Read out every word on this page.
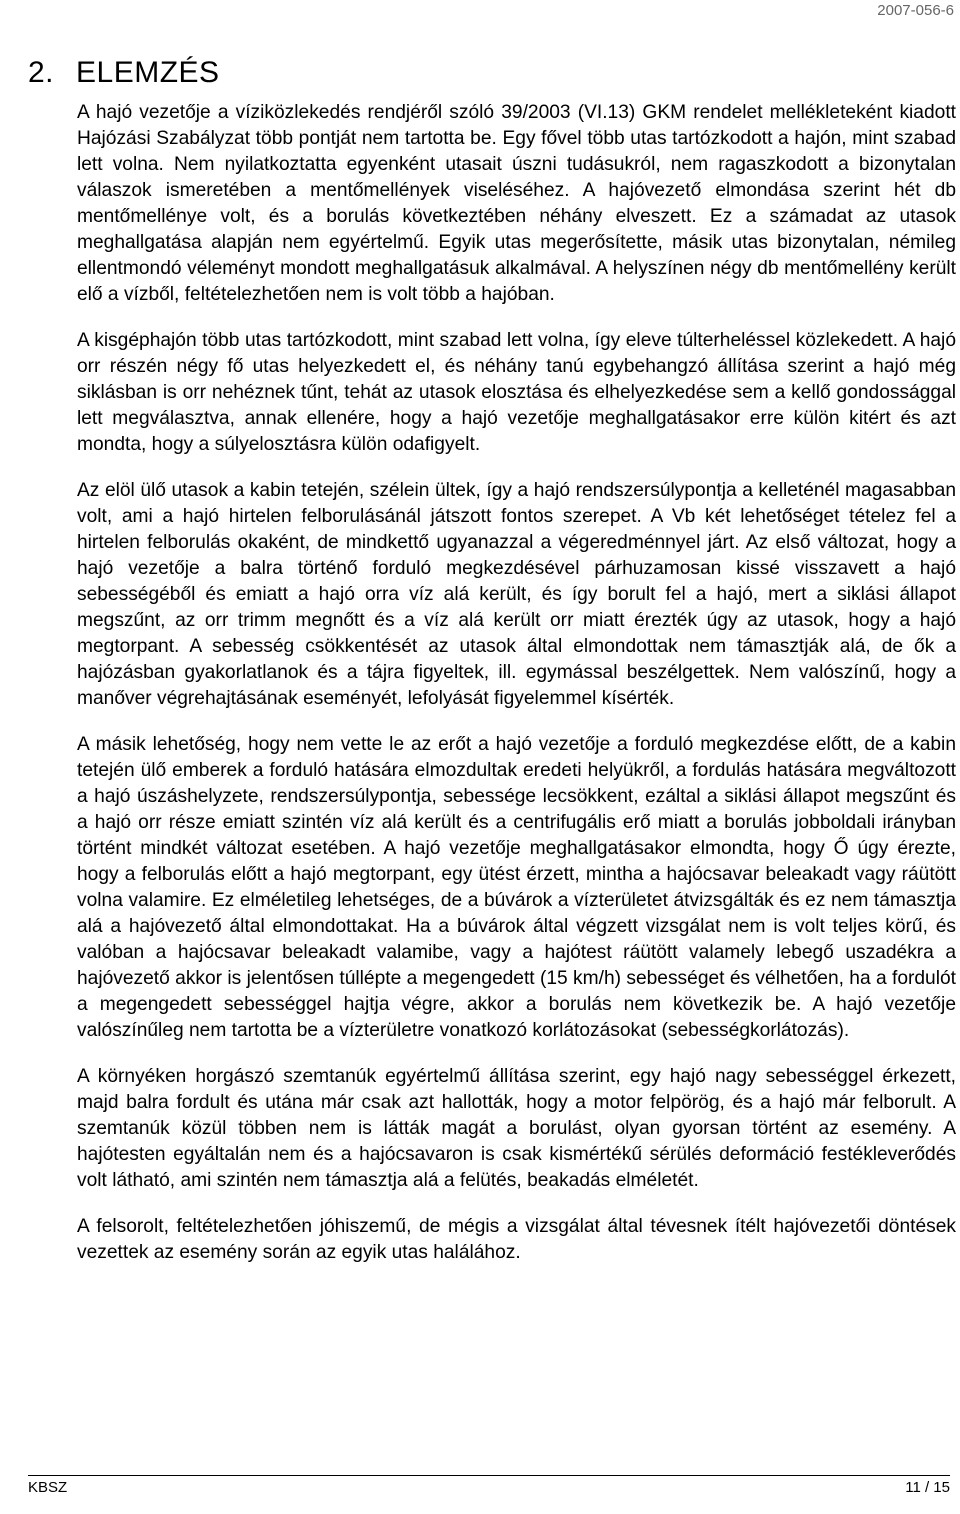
2007-056-6
2. ELEMZÉS

A hajó vezetője a víziközlekedés rendjéről szóló 39/2003 (VI.13) GKM rendelet mellékleteként kiadott Hajózási Szabályzat több pontját nem tartotta be. Egy fővel több utas tartózkodott a hajón, mint szabad lett volna. Nem nyilatkoztatta egyenként utasait úszni tudásukról, nem ragaszkodott a bizonytalan válaszok ismeretében a mentőmellények viseléséhez. A hajóvezető elmondása szerint hét db mentőmellénye volt, és a borulás következtében néhány elveszett. Ez a számadat az utasok meghallgatása alapján nem egyértelmű. Egyik utas megerősítette, másik utas bizonytalan, némileg ellentmondó véleményt mondott meghallgatásuk alkalmával. A helyszínen négy db mentőmellény került elő a vízből, feltételezhetően nem is volt több a hajóban.

A kisgéphajón több utas tartózkodott, mint szabad lett volna, így eleve túlterheléssel közlekedett. A hajó orr részén négy fő utas helyezkedett el, és néhány tanú egybehangzó állítása szerint a hajó még siklásban is orr nehéznek tűnt, tehát az utasok elosztása és elhelyezkedése sem a kellő gondossággal lett megválasztva, annak ellenére, hogy a hajó vezetője meghallgatásakor erre külön kitért és azt mondta, hogy a súlyelosztásra külön odafigyelt.

Az elöl ülő utasok a kabin tetején, szélein ültek, így a hajó rendszersúlypontja a kelleténél magasabban volt, ami a hajó hirtelen felborulásánál játszott fontos szerepet. A Vb két lehetőséget tételez fel a hirtelen felborulás okaként, de mindkettő ugyanazzal a végeredménnyel járt. Az első változat, hogy a hajó vezetője a balra történő forduló megkezdésével párhuzamosan kissé visszavett a hajó sebességéből és emiatt a hajó orra víz alá került, és így borult fel a hajó, mert a siklási állapot megszűnt, az orr trimm megnőtt és a víz alá került orr miatt érezték úgy az utasok, hogy a hajó megtorpant. A sebesség csökkentését az utasok által elmondottak nem támasztják alá, de ők a hajózásban gyakorlatlanok és a tájra figyeltek, ill. egymással beszélgettek. Nem valószínű, hogy a manőver végrehajtásának eseményét, lefolyását figyelemmel kísérték.

A másik lehetőség, hogy nem vette le az erőt a hajó vezetője a forduló megkezdése előtt, de a kabin tetején ülő emberek a forduló hatására elmozdultak eredeti helyükről, a fordulás hatására megváltozott a hajó úszáshelyzete, rendszersúlypontja, sebessége lecsökkent, ezáltal a siklási állapot megszűnt és a hajó orr része emiatt szintén víz alá került és a centrifugális erő miatt a borulás jobboldali irányban történt mindkét változat esetében. A hajó vezetője meghallgatásakor elmondta, hogy Ő úgy érezte, hogy a felborulás előtt a hajó megtorpant, egy ütést érzett, mintha a hajócsavar beleakadt vagy ráütött volna valamire. Ez elméletileg lehetséges, de a búvárok a vízterületet átvizsgálták és ez nem támasztja alá a hajóvezető által elmondottakat. Ha a búvárok által végzett vizsgálat nem is volt teljes körű, és valóban a hajócsavar beleakadt valamibe, vagy a hajótest ráütött valamely lebegő uszadékra a hajóvezető akkor is jelentősen túllépte a megengedett (15 km/h) sebességet és vélhetően, ha a fordulót a megengedett sebességgel hajtja végre, akkor a borulás nem következik be. A hajó vezetője valószínűleg nem tartotta be a vízterületre vonatkozó korlátozásokat (sebességkorlátozás).

A környéken horgászó szemtanúk egyértelmű állítása szerint, egy hajó nagy sebességgel érkezett, majd balra fordult és utána már csak azt hallották, hogy a motor felpörög, és a hajó már felborult. A szemtanúk közül többen nem is látták magát a borulást, olyan gyorsan történt az esemény. A hajótesten egyáltalán nem és a hajócsavaron is csak kismértékű sérülés deformáció festékleverődés volt látható, ami szintén nem támasztja alá a felütés, beakadás elméletét.

A felsorolt, feltételezhetően jóhiszemű, de mégis a vizsgálat által tévesnek ítélt hajóvezetői döntések vezettek az esemény során az egyik utas halálához.

KBSZ	11 / 15
